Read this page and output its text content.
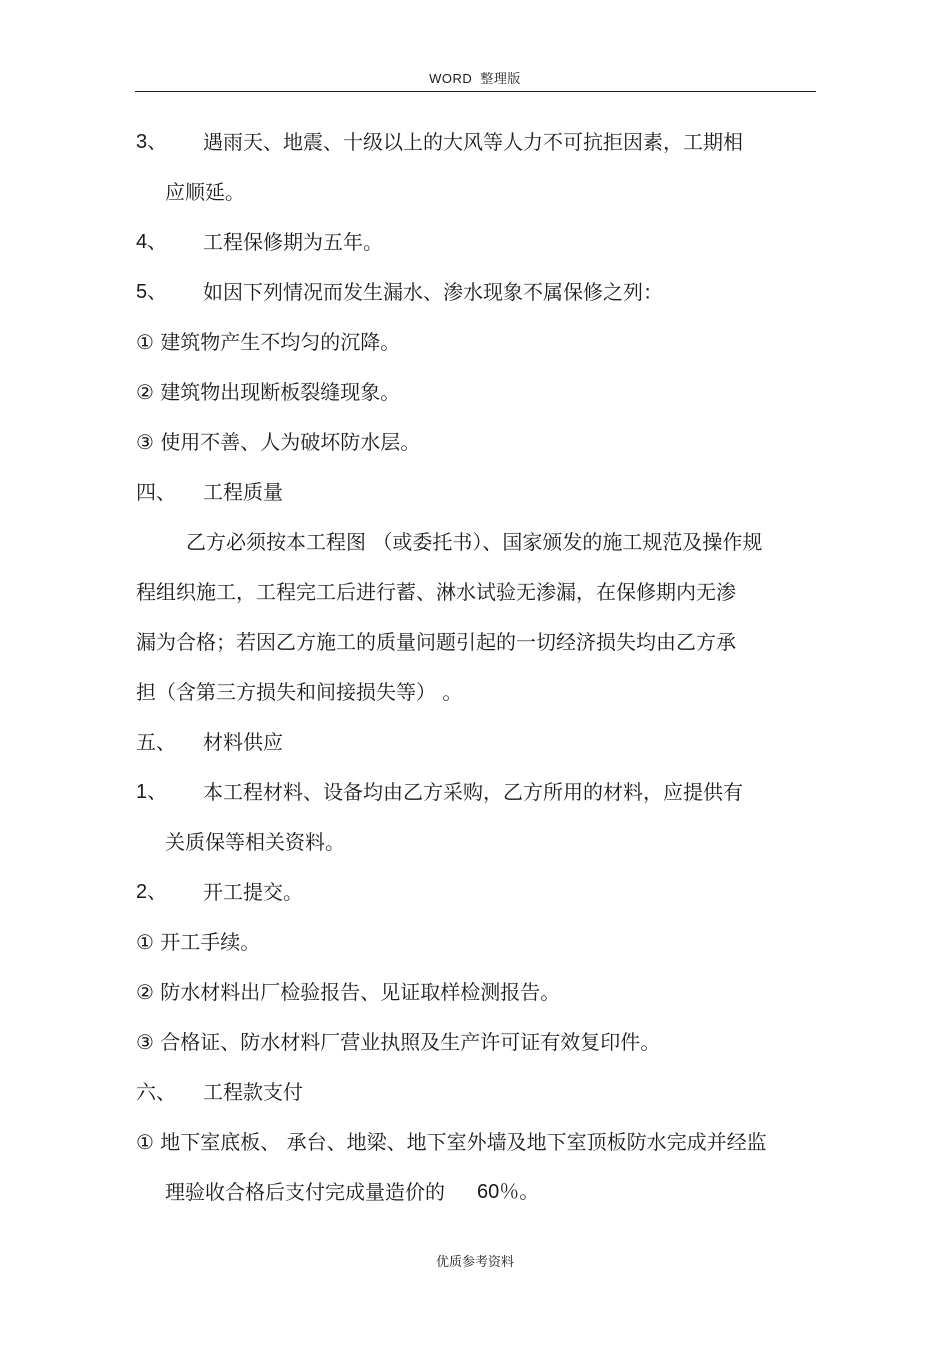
WORD 整理版
3、 遇雨天、地震、十级以上的大风等人力不可抗拒因素，工期相
应顺延。
4、 工程保修期为五年。
5、 如因下列情况而发生漏水、渗水现象不属保修之列：
① 建筑物产生不均匀的沉降。
② 建筑物出现断板裂缝现象。
③ 使用不善、人为破坏防水层。
四、 工程质量
乙方必须按本工程图 （或委托书）、国家颁发的施工规范及操作规
程组织施工，工程完工后进行蓄、淋水试验无渗漏，在保修期内无渗
漏为合格；若因乙方施工的质量问题引起的一切经济损失均由乙方承
担（含第三方损失和间接损失等） 。
五、 材料供应
1、 本工程材料、设备均由乙方采购，乙方所用的材料，应提供有
关质保等相关资料。
2、 开工提交。
① 开工手续。
② 防水材料出厂检验报告、见证取样检测报告。
③ 合格证、防水材料厂营业执照及生产许可证有效复印件。
六、 工程款支付
① 地下室底板、 承台、地梁、地下室外墙及地下室顶板防水完成并经监
理验收合格后支付完成量造价的 60％。
优质参考资料
